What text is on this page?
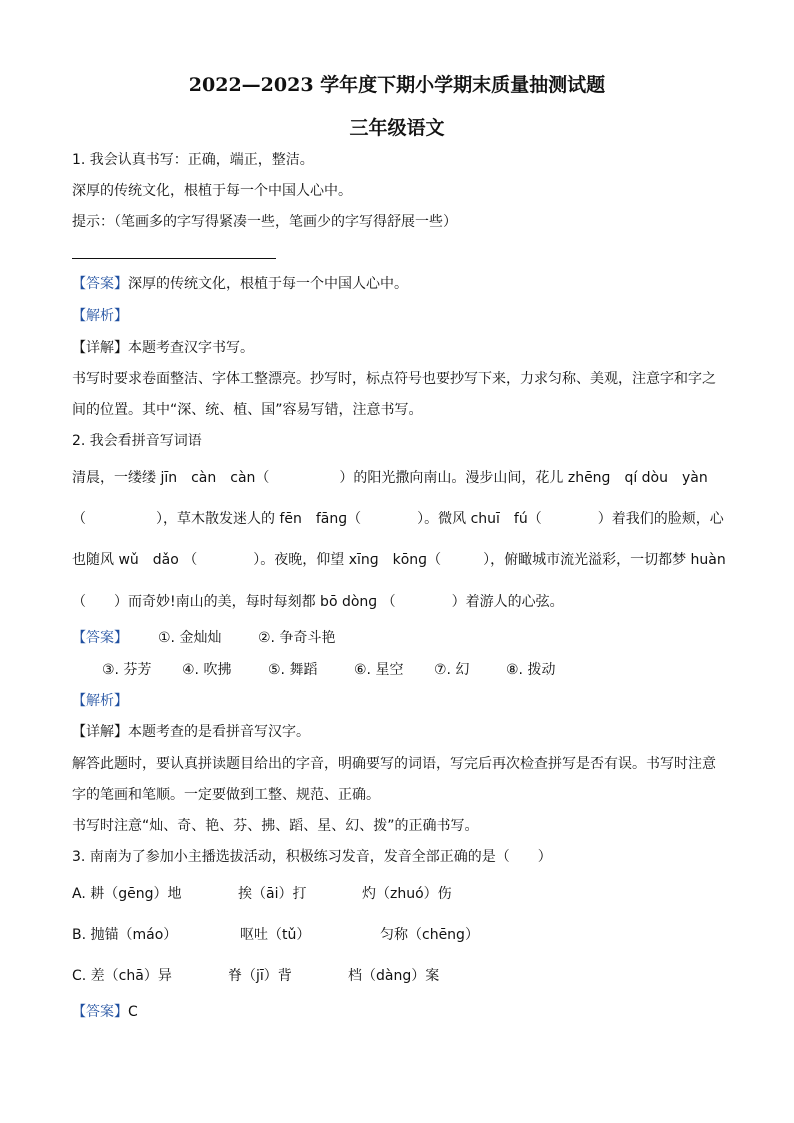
2022—2023 学年度下期小学期末质量抽测试题
三年级语文
1. 我会认真书写：正确，端正，整洁。
深厚的传统文化，根植于每一个中国人心中。
提示：（笔画多的字写得紧凑一些，笔画少的字写得舒展一些）
【答案】深厚的传统文化，根植于每一个中国人心中。
【解析】
【详解】本题考查汉字书写。
书写时要求卷面整洁、字体工整漂亮。抄写时，标点符号也要抄写下来，力求匀称、美观，注意字和字之
间的位置。其中“深、统、植、国”容易写错，注意书写。
2. 我会看拼音写词语
清晨，一缕缕 jīn　càn　càn（　　　　　）的阳光撒向南山。漫步山间，花儿 zhēnɡ　qí dòu　yàn
（　　　　　），草木散发迷人的 fēn　fānɡ（　　　　）。微风 chuī　fú（　　　　）着我们的脸颊，心
也随风 wǔ　dǎo （　　　　）。夜晚，仰望 xīnɡ　kōnɡ（　　　），俯瞰城市流光溢彩，一切都梦 huàn
（　　）而奇妙!南山的美，每时每刻都 bō dònɡ （　　　　）着游人的心弦。
【答案】 ①. 金灿灿	②. 争奇斗艳
③. 芬芳 ④. 吹拂	⑤. 舞蹈	⑥. 星空 ⑦. 幻	⑧. 拨动
【解析】
【详解】本题考查的是看拼音写汉字。
解答此题时，要认真拼读题目给出的字音，明确要写的词语，写完后再次检查拼写是否有误。书写时注意
字的笔画和笔顺。一定要做到工整、规范、正确。
书写时注意“灿、奇、艳、芬、拂、蹈、星、幻、拨”的正确书写。
3. 南南为了参加小主播选拔活动，积极练习发音，发音全部正确的是（　　）
A. 耕（gēng）地	挨（āi）打	灼（zhuó）伤
B. 抛锚（máo）	呕吐（tǔ）	匀称（chēng）
C. 差（chā）异	脊（jī）背	档（dàng）案
【答案】C
